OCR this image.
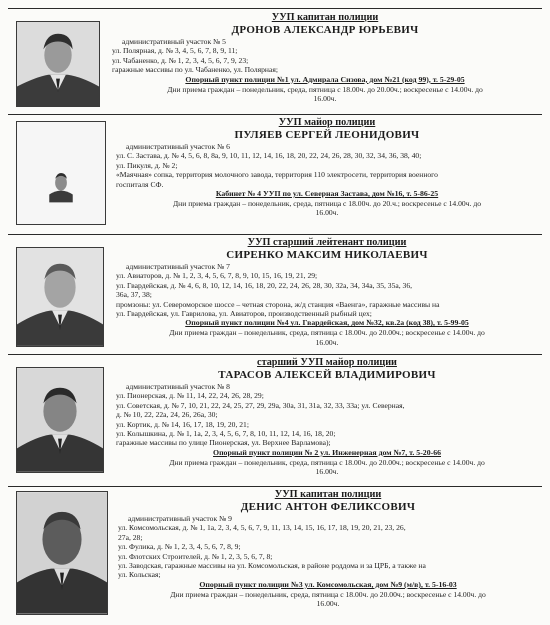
УУП капитан полиции
ДРОНОВ АЛЕКСАНДР ЮРЬЕВИЧ
административный участок № 5
ул. Полярная, д. № 3, 4, 5, 6, 7, 8, 9, 11;
ул. Чабаненко, д. № 1, 2, 3, 4, 5, 6, 7, 9, 23;
гаражные массивы по ул. Чабаненко, ул. Полярная;
Опорный пункт полиции №1 ул. Адмирала Сизова, дом №21 (код 99), т. 5-29-05
Дни приема граждан – понедельник, среда, пятница с 18.00ч. до 20.00ч.; воскресенье с 14.00ч. до
16.00ч.
УУП майор полиции
ПУЛЯЕВ СЕРГЕЙ ЛЕОНИДОВИЧ
административный участок № 6
ул. С. Застава, д. № 4, 5, 6, 8, 8а, 9, 10, 11, 12, 14, 16, 18, 20, 22, 24, 26, 28, 30, 32, 34, 36, 38, 40;
ул. Пикуля, д. № 2;
«Маячная» сопка, территория молочного завода, территория 110 электросети, территория военного
госпиталя СФ.
Кабинет № 4 УУП по ул. Северная Застава, дом №16, т. 5-86-25
Дни приема граждан – понедельник, среда, пятница с 18.00ч. до 20.ч.; воскресенье с 14.00ч. до
16.00ч.
УУП старший лейтенант полиции
СИРЕНКО МАКСИМ НИКОЛАЕВИЧ
административный участок № 7
ул. Авиаторов, д. № 1, 2, 3, 4, 5, 6, 7, 8, 9, 10, 15, 16, 19, 21, 29;
ул. Гвардейская, д. № 4, 6, 8, 10, 12, 14, 16, 18, 20, 22, 24, 26, 28, 30, 32а, 34, 34а, 35, 35а, 36,
36а, 37, 38;
промзоны: ул. Североморское шоссе – четная сторона, ж/д станция «Ваенга», гаражные массивы на
ул. Гвардейская, ул. Гаврилова, ул. Авиаторов, производственный рыбный цех;
Опорный пункт полиции №4 ул. Гвардейская, дом №32, кв.2а (код 38), т. 5-99-05
Дни приема граждан – понедельник, среда, пятница с 18.00ч. до 20.00ч.; воскресенье с 14.00ч. до
16.00ч.
старший УУП майор полиции
ТАРАСОВ АЛЕКСЕЙ ВЛАДИМИРОВИЧ
административный участок № 8
ул. Пионерская, д. № 11, 14, 22, 24, 26, 28, 29;
ул. Советская, д. № 7, 10, 21, 22, 24, 25, 27, 29, 29а, 30а, 31, 31а, 32, 33, 33а; ул. Северная,
д. № 10, 22, 22а, 24, 26, 26а, 30;
ул. Кортик, д. № 14, 16, 17, 18, 19, 20, 21;
ул. Колышкина, д. № 1, 1а, 2, 3, 4, 5, 6, 7, 8, 10, 11, 12, 14, 16, 18, 20;
гаражные массивы по улице Пионерская, ул. Верхнее Варламова);
Опорный пункт полиции № 2 ул. Инженерная дом №7, т. 5-20-66
Дни приема граждан – понедельник, среда, пятница с 18.00ч. до 20.00ч.; воскресенье с 14.00ч. до
16.00ч.
УУП капитан полиции
ДЕНИС АНТОН ФЕЛИКСОВИЧ
административный участок № 9
ул. Комсомольская, д. № 1, 1а, 2, 3, 4, 5, 6, 7, 9, 11, 13, 14, 15, 16, 17, 18, 19, 20, 21, 23, 26,
27а, 28;
ул. Фулика, д. № 1, 2, 3, 4, 5, 6, 7, 8, 9;
ул. Флотских Строителей, д. № 1, 2, 3, 5, 6, 7, 8;
ул. Заводская, гаражные массивы на ул. Комсомольская, в районе роддома и за ЦРБ, а также на
ул. Кольская;
Опорный пункт полиции №3 ул. Комсомольская, дом №9 (м/в), т. 5-16-03
Дни приема граждан – понедельник, среда, пятница с 18.00ч. до 20.00ч.; воскресенье с 14.00ч. до
16.00ч.
